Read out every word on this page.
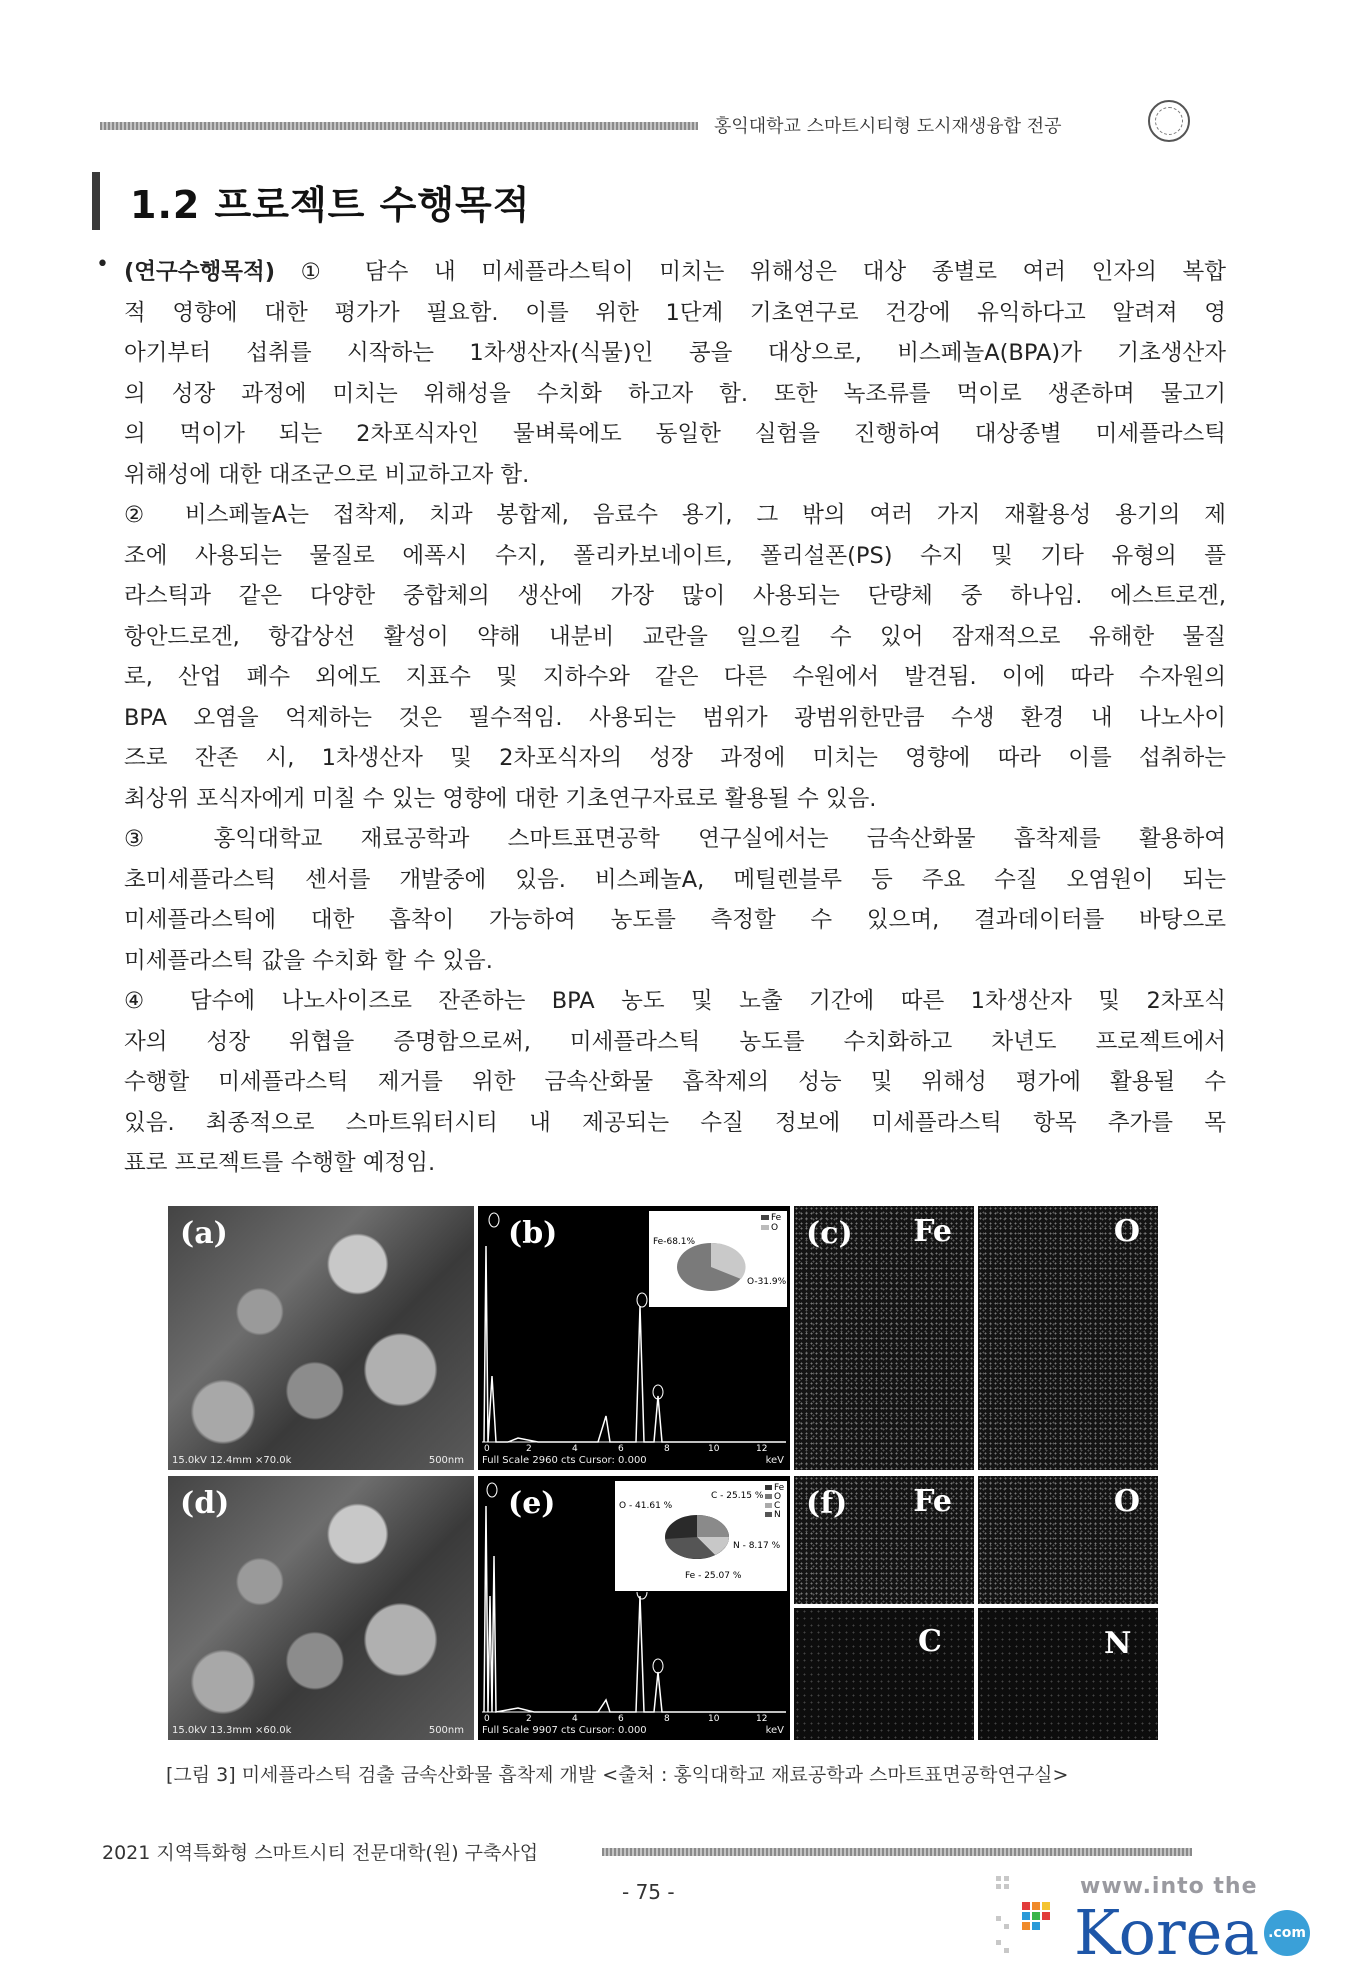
홍익대학교 스마트시티형 도시재생융합 전공
1.2 프로젝트 수행목적
• (연구수행목적) ① 담수 내 미세플라스틱이 미치는 위해성은 대상 종별로 여러 인자의 복합
적 영향에 대한 평가가 필요함. 이를 위한 1단계 기초연구로 건강에 유익하다고 알려져 영
아기부터 섭취를 시작하는 1차생산자(식물)인 콩을 대상으로, 비스페놀A(BPA)가 기초생산자
의 성장 과정에 미치는 위해성을 수치화 하고자 함. 또한 녹조류를 먹이로 생존하며 물고기
의 먹이가 되는 2차포식자인 물벼룩에도 동일한 실험을 진행하여 대상종별 미세플라스틱
위해성에 대한 대조군으로 비교하고자 함.
② 비스페놀A는 접착제, 치과 봉합제, 음료수 용기, 그 밖의 여러 가지 재활용성 용기의 제
조에 사용되는 물질로 에폭시 수지, 폴리카보네이트, 폴리설폰(PS) 수지 및 기타 유형의 플
라스틱과 같은 다양한 중합체의 생산에 가장 많이 사용되는 단량체 중 하나임. 에스트로겐,
항안드로겐, 항갑상선 활성이 약해 내분비 교란을 일으킬 수 있어 잠재적으로 유해한 물질
로, 산업 폐수 외에도 지표수 및 지하수와 같은 다른 수원에서 발견됨. 이에 따라 수자원의
BPA 오염을 억제하는 것은 필수적임. 사용되는 범위가 광범위한만큼 수생 환경 내 나노사이
즈로 잔존 시, 1차생산자 및 2차포식자의 성장 과정에 미치는 영향에 따라 이를 섭취하는
최상위 포식자에게 미칠 수 있는 영향에 대한 기초연구자료로 활용될 수 있음.
③ 홍익대학교 재료공학과 스마트표면공학 연구실에서는 금속산화물 흡착제를 활용하여
초미세플라스틱 센서를 개발중에 있음. 비스페놀A, 메틸렌블루 등 주요 수질 오염원이 되는
미세플라스틱에 대한 흡착이 가능하여 농도를 측정할 수 있으며, 결과데이터를 바탕으로
미세플라스틱 값을 수치화 할 수 있음.
④ 담수에 나노사이즈로 잔존하는 BPA 농도 및 노출 기간에 따른 1차생산자 및 2차포식
자의 성장 위협을 증명함으로써, 미세플라스틱 농도를 수치화하고 차년도 프로젝트에서
수행할 미세플라스틱 제거를 위한 금속산화물 흡착제의 성능 및 위해성 평가에 활용될 수
있음. 최종적으로 스마트워터시티 내 제공되는 수질 정보에 미세플라스틱 항목 추가를 목
표로 프로젝트를 수행할 예정임.
(a)
15.0kV 12.4mm ×70.0k	500nm
(b)
0	2	4	6	8	10	12
Full Scale 2960 cts Cursor: 0.000	keV
Fe
O
Fe-68.1%
O-31.9%
(c) Fe	O
(d)
15.0kV 13.3mm ×60.0k	500nm
(e)
0	2	4	6	8	10	12
Full Scale 9907 cts Cursor: 0.000	keV
Fe
O
C
N
O - 41.61 %
C - 25.15 %
N - 8.17 %
Fe - 25.07 %
(f) Fe	O
C	N
[그림 3] 미세플라스틱 검출 금속산화물 흡착제 개발 <출처 : 홍익대학교 재료공학과 스마트표면공학연구실>
2021 지역특화형 스마트시티 전문대학(원) 구축사업
- 75 -	www.into the
Korea .com
